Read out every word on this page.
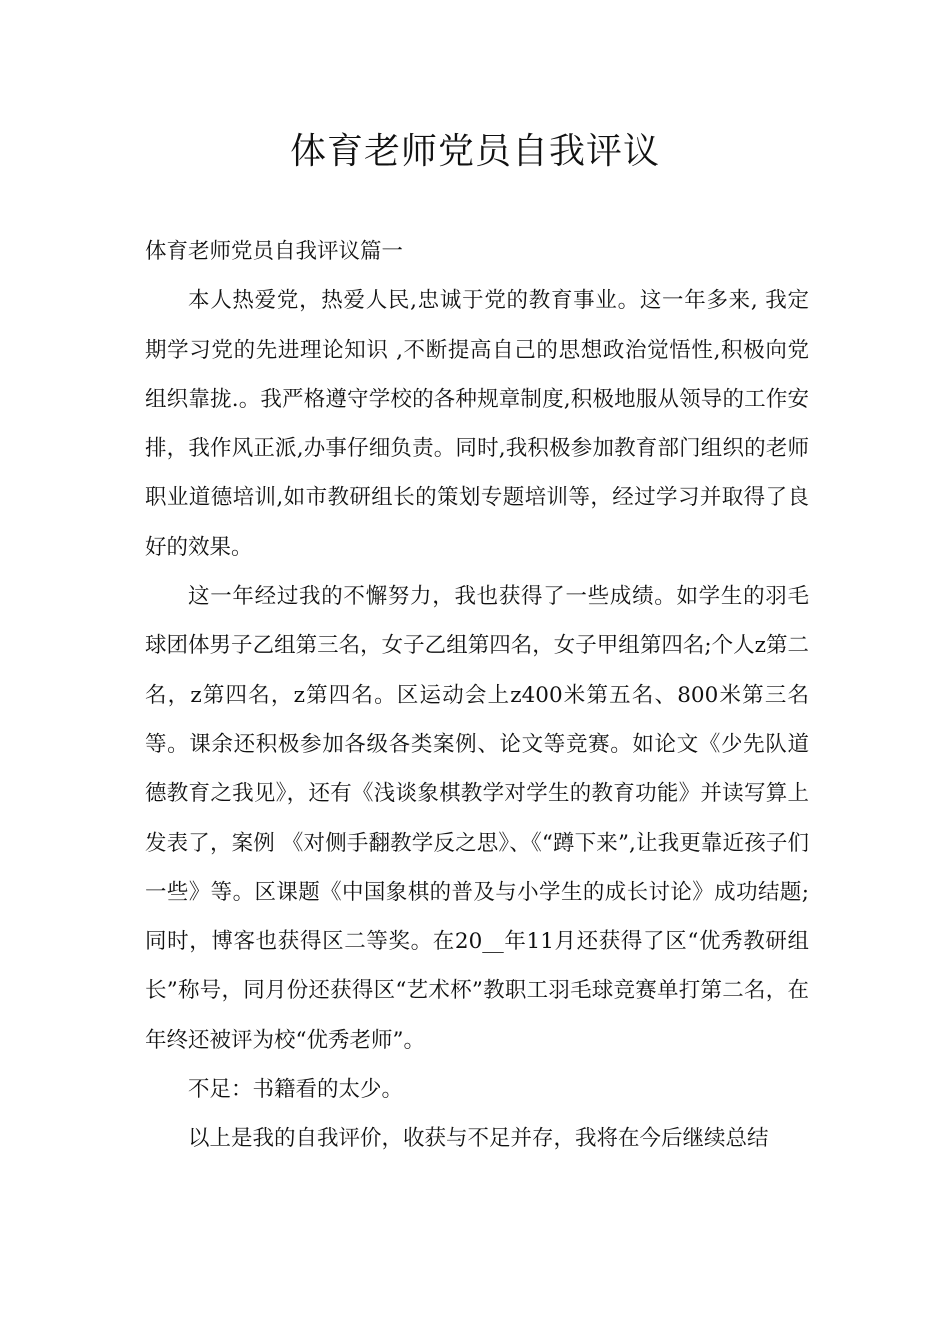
体育老师党员自我评议

体育老师党员自我评议篇一

本人热爱党，热爱人民,忠诚于党的教育事业。这一年多来, 我定期学习党的先进理论知识 ,不断提高自己的思想政治觉悟性,积极向党组织靠拢.。我严格遵守学校的各种规章制度,积极地服从领导的工作安排，我作风正派,办事仔细负责。同时,我积极参加教育部门组织的老师职业道德培训,如市教研组长的策划专题培训等，经过学习并取得了良好的效果。

这一年经过我的不懈努力，我也获得了一些成绩。如学生的羽毛球团体男子乙组第三名，女子乙组第四名，女子甲组第四名;个人z第二名，z第四名，z第四名。区运动会上z400米第五名、800米第三名等。课余还积极参加各级各类案例、论文等竞赛。如论文《少先队道德教育之我见》，还有《浅谈象棋教学对学生的教育功能》并读写算上发表了，案例 《对侧手翻教学反之思》、《“蹲下来”,让我更靠近孩子们一些》等。区课题《中国象棋的普及与小学生的成长讨论》成功结题;同时，博客也获得区二等奖。在20__年11月还获得了区“优秀教研组长”称号，同月份还获得区“艺术杯”教职工羽毛球竞赛单打第二名，在年终还被评为校“优秀老师”。

不足：书籍看的太少。

以上是我的自我评价，收获与不足并存，我将在今后继续总结
